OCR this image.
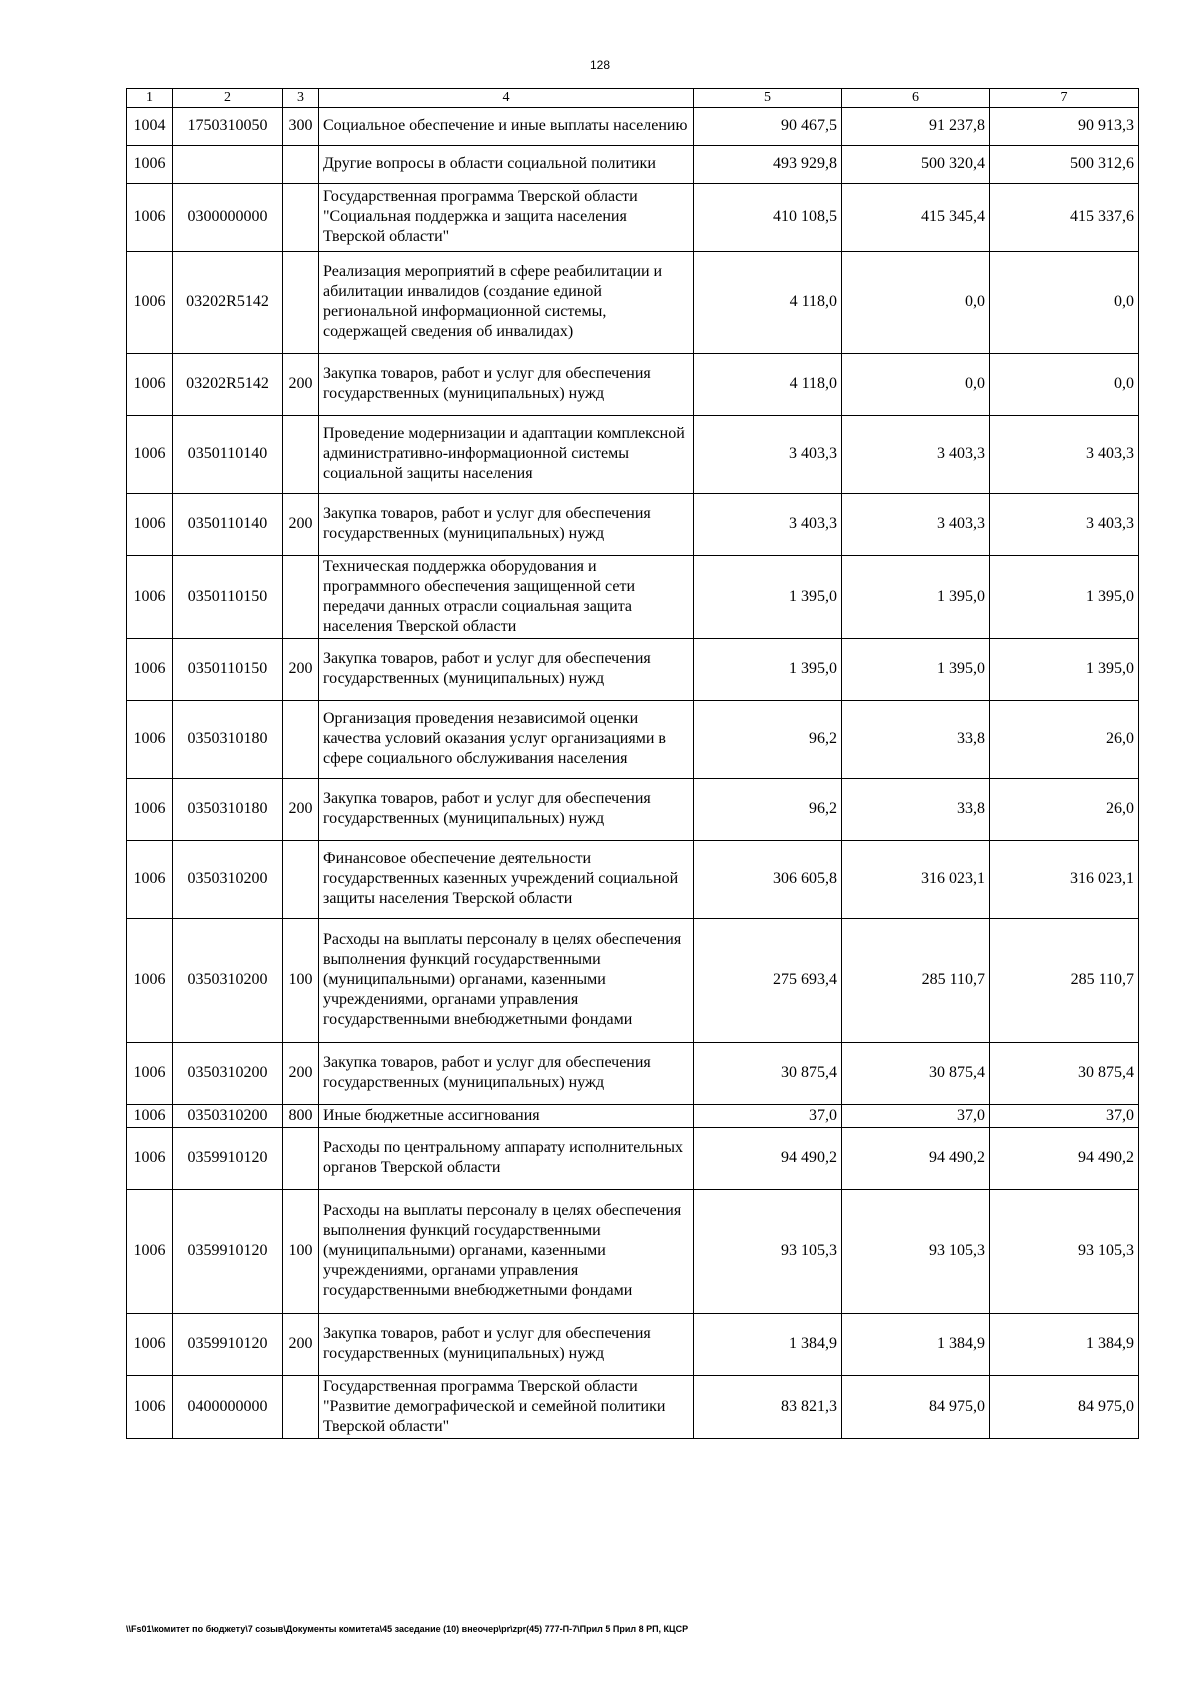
128
1	2	3	4	5	6	7
1004	1750310050	300	Социальное обеспечение и иные выплаты населению	90 467,5	91 237,8	90 913,3
1006			Другие вопросы в области социальной политики	493 929,8	500 320,4	500 312,6
1006	0300000000		Государственная программа Тверской области "Социальная поддержка и защита населения Тверской области"	410 108,5	415 345,4	415 337,6
1006	03202R5142		Реализация мероприятий в сфере реабилитации и абилитации инвалидов (создание единой региональной информационной системы, содержащей сведения об инвалидах)	4 118,0	0,0	0,0
1006	03202R5142	200	Закупка товаров, работ и услуг для обеспечения государственных (муниципальных) нужд	4 118,0	0,0	0,0
1006	0350110140		Проведение модернизации и адаптации комплексной административно-информационной системы социальной защиты населения	3 403,3	3 403,3	3 403,3
1006	0350110140	200	Закупка товаров, работ и услуг для обеспечения государственных (муниципальных) нужд	3 403,3	3 403,3	3 403,3
1006	0350110150		Техническая поддержка оборудования и программного обеспечения защищенной сети передачи данных отрасли социальная защита населения Тверской области	1 395,0	1 395,0	1 395,0
1006	0350110150	200	Закупка товаров, работ и услуг для обеспечения государственных (муниципальных) нужд	1 395,0	1 395,0	1 395,0
1006	0350310180		Организация проведения независимой оценки качества условий оказания услуг организациями в сфере социального обслуживания населения	96,2	33,8	26,0
1006	0350310180	200	Закупка товаров, работ и услуг для обеспечения государственных (муниципальных) нужд	96,2	33,8	26,0
1006	0350310200		Финансовое обеспечение деятельности государственных казенных учреждений социальной защиты населения Тверской области	306 605,8	316 023,1	316 023,1
1006	0350310200	100	Расходы на выплаты персоналу в целях обеспечения выполнения функций государственными (муниципальными) органами, казенными учреждениями, органами управления государственными внебюджетными фондами	275 693,4	285 110,7	285 110,7
1006	0350310200	200	Закупка товаров, работ и услуг для обеспечения государственных (муниципальных) нужд	30 875,4	30 875,4	30 875,4
1006	0350310200	800	Иные бюджетные ассигнования	37,0	37,0	37,0
1006	0359910120		Расходы по центральному аппарату исполнительных органов Тверской области	94 490,2	94 490,2	94 490,2
1006	0359910120	100	Расходы на выплаты персоналу в целях обеспечения выполнения функций государственными (муниципальными) органами, казенными учреждениями, органами управления государственными внебюджетными фондами	93 105,3	93 105,3	93 105,3
1006	0359910120	200	Закупка товаров, работ и услуг для обеспечения государственных (муниципальных) нужд	1 384,9	1 384,9	1 384,9
1006	0400000000		Государственная программа Тверской области "Развитие демографической и семейной политики Тверской области"	83 821,3	84 975,0	84 975,0
\\Fs01\комитет по бюджету\7 созыв\Документы комитета\45 заседание (10) внеочер\pr\zpr(45) 777-П-7\Прил 5 Прил 8 РП, КЦСР
